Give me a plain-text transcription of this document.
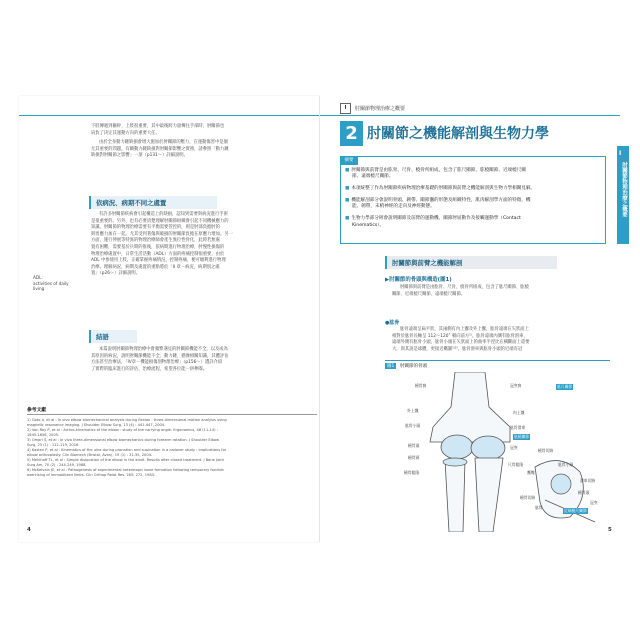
下肢傳遞到軀幹、上肢很重要，其中最後跨力量傳往手部時，肘關節也
肩負了決定其運動方向的重要大任。
由於全身動力鏈缺損會增大施加於肘關節的壓力，在運動傷害中是個
尤其重要的問題。有關動力鏈缺損對肘關節影響之實務，請參照「動力鏈
缺損對肘關節之影響」一項（p131～）詳細說明。
依病況、病期不同之處置
有許多肘關節疾病會引起構造上的缺損，認知到需要與病況進行手術
是很重要的。另外，也有必要清楚理解肘關節組織會引起不同機械應力的
知識。肘關節的物理治療需要有平衡需要管控的，則是肘部負擔肘的
與剪應力加在一起。尤其受到著傷與破損的肘關節負擔在原應力增加。另一
方面，施行伸展等特異的物理治療師會產生異位性骨化，此時若無處
置有困難，需要基於兵期的推後，依病期進行物理治療，肘慢性損傷的
物理治療處置中，日常生活活動（ADL）方面的疼痛控制很重要，由於
ADL 中参使用上肢，正確掌握疼痛情況，控制疼痛，便可順利進行物理
治療。理解病況，病期及處置的重點將於「II 章－病況，病期別之處
置」（p26～）詳細說明。
ADL：
activities of daily living
結語
本篇說明肘關節物理治療中會頻繁遇見的肘關節機能不全，以及成為
其原因的病況，說明肘關節機能不全、動力鏈，猶豫相關知識，其體評估
方法甚至治療法，「IV章－機能損傷別物理治療」（p156～）遭詳介紹
了實際的臨床進行的評估、治療流程，希望各位能一併參閱。
參考文獻
1) Goto A, et al : In vivo elbow biomechanical analysis during flexion : three-dimensional motion analysis using
magnetic resonance imaging. J Shoulder Elbow Surg, 13 (4) : 441-447, 2004.
2) Van Roy P, et al : Arthro-kinematics of the elbow : study of the carrying angle. Ergonomics, 48 (11-14) :
1645-1656, 2005.
3) Omori S, et al : In vivo three-dimensional elbow biomechanics during forearm rotation. J Shoulder Elbow
Surg, 25 (1) : 112-119, 2016.
4) Kasten P, et al : Kinematics of the ulna during pronation and supination in a cadaver study : implications for
elbow arthroplasty. Clin Biomech (Bristol, Avon), 19 (1) : 31-35, 2004.
5) Mehlhoff TL, et al : Simple dislocation of the elbow in the adult. Results after closed treatment. J Bone Joint
Surg Am, 70 (2) : 244-249, 1988.
6) McKelvain JE, et al : Pathogenesis of experimental heterotopic bone formation following temporary forcible
exercising of immobilized limbs. Clin Orthop Relat Res, 265: 272, 1983.
4
I	肘關節物理治療之概要
2 肘關節之機能解剖與生物力學
摘要
■ 肘關節與前臂是由肱骨、尺骨、橈骨所組成，包含了肱尺關節、肱橈關節、近端橈尺關
節、遠端橈尺關節。
■ 本項統整了作為肘關節疾病物理治療基礎的肘關節與前臂之機能解剖與生物力學相關見解。
■ 機能解剖部分會說明骨頭、韌帶、關節囊的形態及組織特性，肌肉解剖學方面的特徵，機
能、韌帶，末梢神經的走向及神經動態。
■ 生物力學部分則會說明關節及前臂的運動機、關節肘屈動作及接觸運動學（Contact
Kinematics）。
I
肘關節物理治療之概要
肘關節與前臂之機能解剖
▶肘關節的骨頭與構造(圖1)
肘關節與前臂是由肱骨、尺骨、橈骨所組成，包含了肱尺關節、肱橈
關節、近端橈尺關節、遠端橈尺關節。
●肱骨
肱骨遠端呈扁平狀，其兩側有內上髁及外上髁，肱骨遠端在矢狀面上
相對於肱骨長軸呈 112～120˚ 朝向前方¹⁾。肱骨遠端內側有肱骨滑車，
遠端外側有肱骨小頭，肱骨小頭在矢狀面上的曲率半徑比在橫斷面上還要
大，與其說是球體，更接近橢圓¹⁾²⁾。肱骨滑車與肱骨小頭的近端有冠
圖1	肘關節的骨頭
橈骨窩
外上髁
肱骨小頭
橈骨頭
橈骨頸
橈骨粗隆
冠突窩
內上髁
肱骨滑車
冠突
尺骨粗隆
肱尺關節
肱橈關節
近端橈尺關節
橈骨切跡
肱骨小頭
鷹嘴
滑車切跡
橈骨頭
冠突
橈骨切跡
肱骨
5
